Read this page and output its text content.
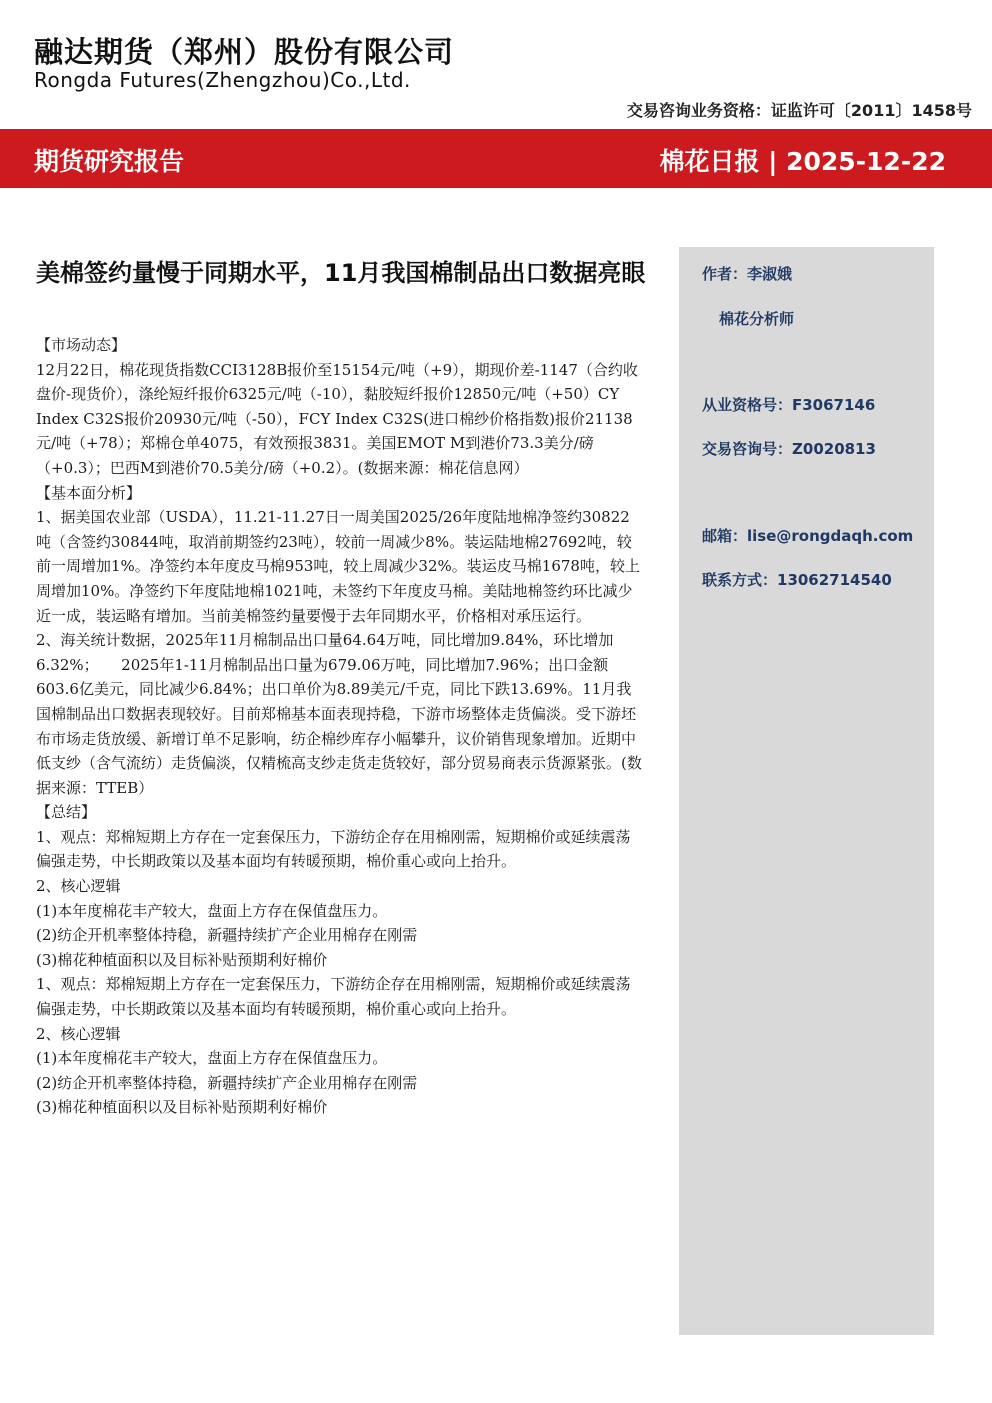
融达期货（郑州）股份有限公司
Rongda Futures(Zhengzhou)Co.,Ltd.
交易咨询业务资格：证监许可〔2011〕1458号
期货研究报告	棉花日报 | 2025-12-22
美棉签约量慢于同期水平，11月我国棉制品出口数据亮眼

【市场动态】

12月22日，棉花现货指数CCI3128B报价至15154元/吨（+9），期现价差-1147（合约收盘价-现货价），涤纶短纤报价6325元/吨（-10），黏胶短纤报价12850元/吨（+50）CY Index C32S报价20930元/吨（-50），FCY Index C32S(进口棉纱价格指数)报价21138元/吨（+78）；郑棉仓单4075，有效预报3831。美国EMOT M到港价73.3美分/磅（+0.3）；巴西M到港价70.5美分/磅（+0.2）。(数据来源：棉花信息网）

【基本面分析】

1、据美国农业部（USDA），11.21-11.27日一周美国2025/26年度陆地棉净签约30822吨（含签约30844吨，取消前期签约23吨），较前一周减少8%。装运陆地棉27692吨，较前一周增加1%。净签约本年度皮马棉953吨，较上周减少32%。装运皮马棉1678吨，较上周增加10%。净签约下年度陆地棉1021吨，未签约下年度皮马棉。美陆地棉签约环比减少近一成，装运略有增加。当前美棉签约量要慢于去年同期水平，价格相对承压运行。

2、海关统计数据，2025年11月棉制品出口量64.64万吨，同比增加9.84%，环比增加6.32%；　　2025年1-11月棉制品出口量为679.06万吨，同比增加7.96%；出口金额603.6亿美元，同比减少6.84%；出口单价为8.89美元/千克，同比下跌13.69%。11月我国棉制品出口数据表现较好。目前郑棉基本面表现持稳，下游市场整体走货偏淡。受下游坯布市场走货放缓、新增订单不足影响，纺企棉纱库存小幅攀升，议价销售现象增加。近期中低支纱（含气流纺）走货偏淡，仅精梳高支纱走货走货较好，部分贸易商表示货源紧张。(数据来源：TTEB）

【总结】

1、观点：郑棉短期上方存在一定套保压力，下游纺企存在用棉刚需，短期棉价或延续震荡偏强走势，中长期政策以及基本面均有转暖预期，棉价重心或向上抬升。

2、核心逻辑

(1)本年度棉花丰产较大，盘面上方存在保值盘压力。

(2)纺企开机率整体持稳，新疆持续扩产企业用棉存在刚需

(3)棉花种植面积以及目标补贴预期利好棉价

1、观点：郑棉短期上方存在一定套保压力，下游纺企存在用棉刚需，短期棉价或延续震荡偏强走势，中长期政策以及基本面均有转暖预期，棉价重心或向上抬升。

2、核心逻辑

(1)本年度棉花丰产较大，盘面上方存在保值盘压力。

(2)纺企开机率整体持稳，新疆持续扩产企业用棉存在刚需

(3)棉花种植面积以及目标补贴预期利好棉价

作者：李淑娥
棉花分析师
从业资格号：F3067146
交易咨询号：Z0020813
邮箱：lise@rongdaqh.com
联系方式：13062714540
